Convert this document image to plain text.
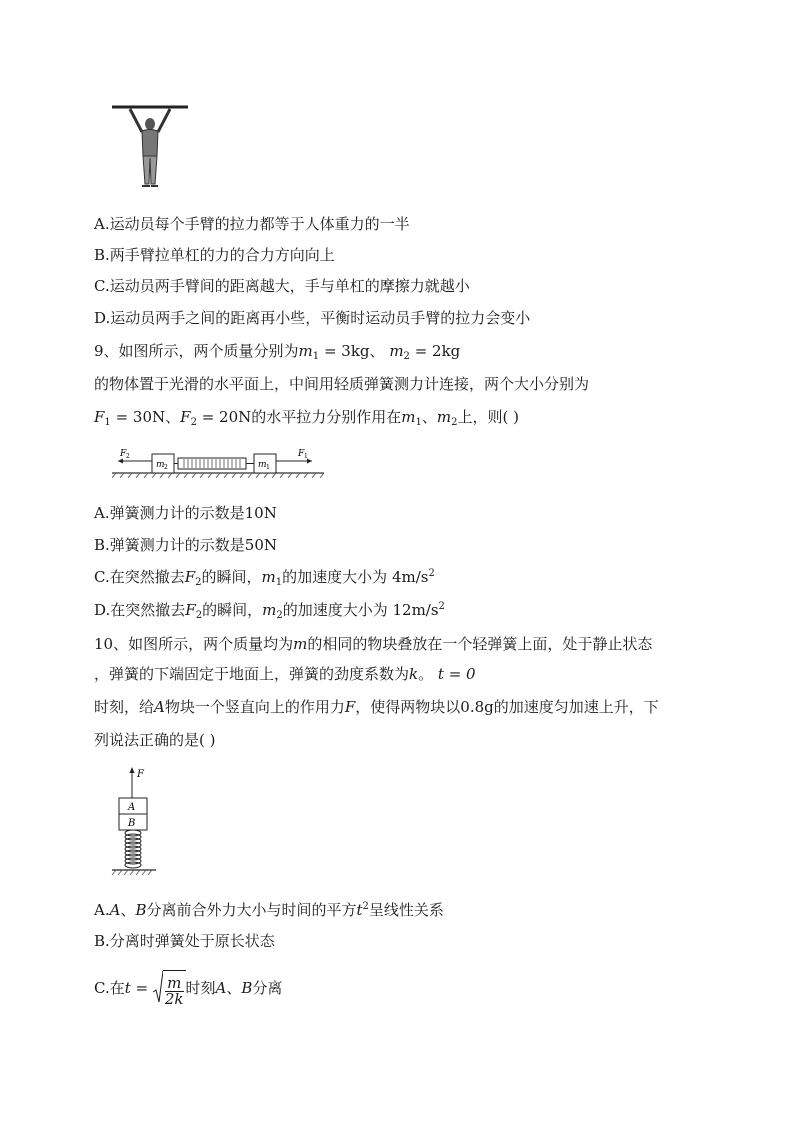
A.运动员每个手臂的拉力都等于人体重力的一半
B.两手臂拉单杠的力的合力方向向上
C.运动员两手臂间的距离越大，手与单杠的摩擦力就越小
D.运动员两手之间的距离再小些，平衡时运动员手臂的拉力会变小
9、如图所示，两个质量分别为$m_1 = 3kg$、 $m_2 = 2kg$
的物体置于光滑的水平面上，中间用轻质弹簧测力计连接，两个大小分别为
$F_1 = 30N$、$F_2 = 20N$的水平拉力分别作用在$m_1$、$m_2$上，则( )
F 2
m 2	m 1
F 1
A.弹簧测力计的示数是10N
B.弹簧测力计的示数是50N
C.在突然撤去$F_2$的瞬间，$m_1$的加速度大小为 $4m/s^2$
D.在突然撤去$F_2$的瞬间，$m_2$的加速度大小为 $12m/s^2$
10、如图所示，两个质量均为m的相同的物块叠放在一个轻弹簧上面，处于静止状态
，弹簧的下端固定于地面上，弹簧的劲度系数为k。 t = 0
时刻，给A物块一个竖直向上的作用力F，使得两物块以0.8g的加速度匀加速上升，下
列说法正确的是( )
F
A
B
A.A、B分离前合外力大小与时间的平方$t^2$呈线性关系
B.分离时弹簧处于原长状态
C.在$t = \frac{m}{2k}$ 时刻A、B分离
